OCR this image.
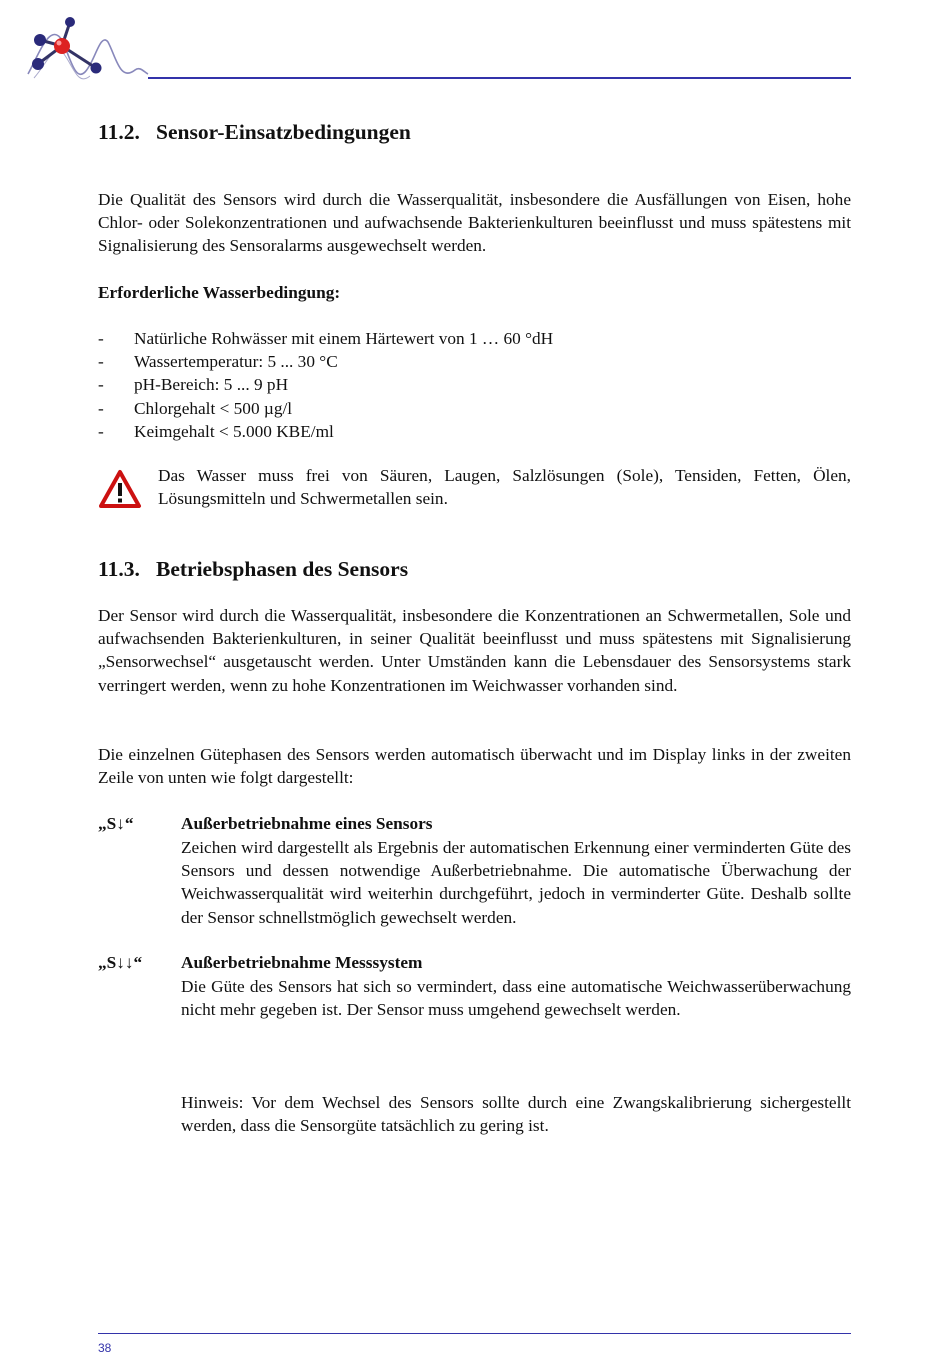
11.2. Sensor-Einsatzbedingungen

Die Qualität des Sensors wird durch die Wasserqualität, insbesondere die Ausfällungen von Eisen, hohe Chlor- oder Solekonzentrationen und aufwachsende Bakterienkulturen beeinflusst und muss spätestens mit Signalisierung des Sensoralarms ausgewechselt werden.

Erforderliche Wasserbedingung:

- Natürliche Rohwässer mit einem Härtewert von 1 … 60 °dH
- Wassertemperatur: 5 ... 30 °C
- pH-Bereich: 5 ... 9 pH
- Chlorgehalt < 500 µg/l
- Keimgehalt < 5.000 KBE/ml

Das Wasser muss frei von Säuren, Laugen, Salzlösungen (Sole), Tensiden, Fetten, Ölen, Lösungsmitteln und Schwermetallen sein.

11.3. Betriebsphasen des Sensors

Der Sensor wird durch die Wasserqualität, insbesondere die Konzentrationen an Schwermetallen, Sole und aufwachsenden Bakterienkulturen, in seiner Qualität beeinflusst und muss spätestens mit Signalisierung „Sensorwechsel“ ausgetauscht werden. Unter Umständen kann die Lebensdauer des Sensorsystems stark verringert werden, wenn zu hohe Konzentrationen im Weichwasser vorhanden sind.

Die einzelnen Gütephasen des Sensors werden automatisch überwacht und im Display links in der zweiten Zeile von unten wie folgt dargestellt:

„S↓“	Außerbetriebnahme eines Sensors

Zeichen wird dargestellt als Ergebnis der automatischen Erkennung einer verminderten Güte des Sensors und dessen notwendige Außerbetriebnahme. Die automatische Überwachung der Weichwasserqualität wird weiterhin durchgeführt, jedoch in verminderter Güte. Deshalb sollte der Sensor schnellstmöglich gewechselt werden.

„S↓↓“ Außerbetriebnahme Messsystem

Die Güte des Sensors hat sich so vermindert, dass eine automatische Weichwasserüberwachung nicht mehr gegeben ist. Der Sensor muss umgehend gewechselt werden.

Hinweis: Vor dem Wechsel des Sensors sollte durch eine Zwangskalibrierung sichergestellt werden, dass die Sensorgüte tatsächlich zu gering ist.

38
